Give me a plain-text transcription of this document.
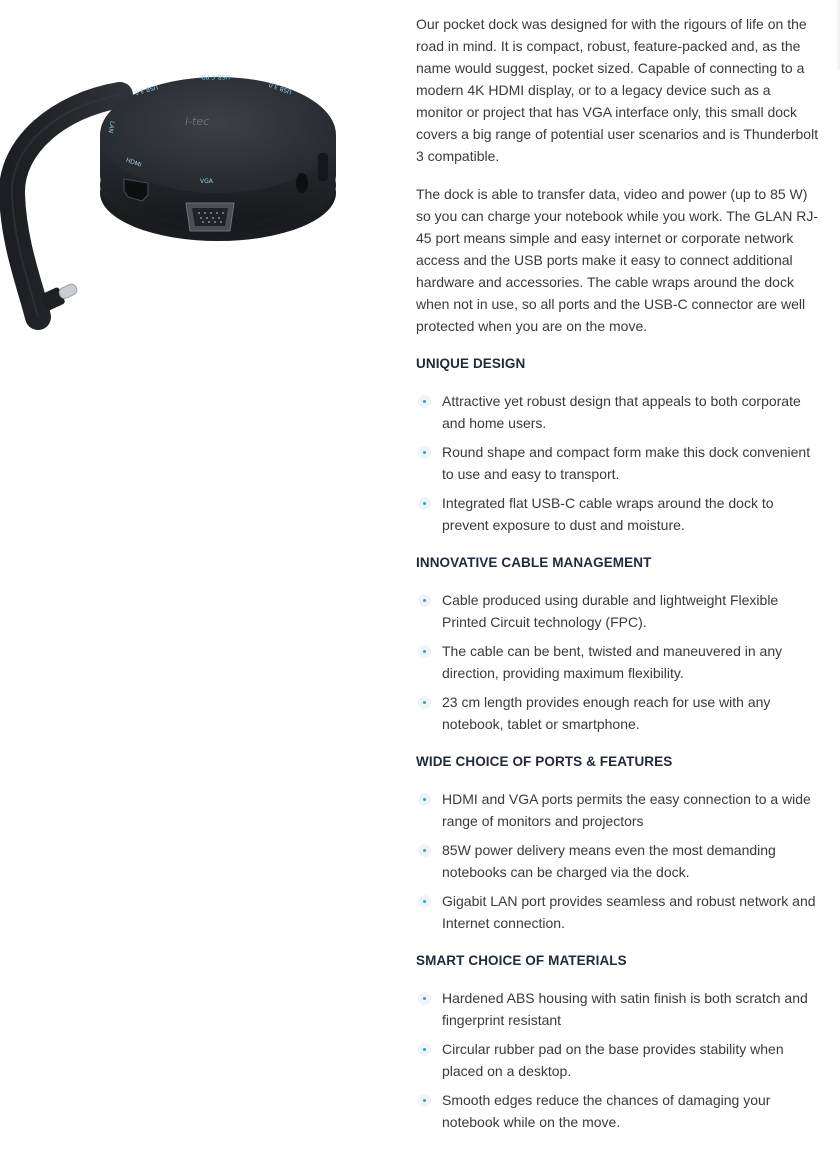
USB-C PD
USB 3.0	USB 3.0
LAN
HDMI
VGA
i-tec

Our pocket dock was designed for with the rigours of life on the road in mind. It is compact, robust, feature-packed and, as the name would suggest, pocket sized. Capable of connecting to a modern 4K HDMI display, or to a legacy device such as a monitor or project that has VGA interface only, this small dock covers a big range of potential user scenarios and is Thunderbolt 3 compatible.

The dock is able to transfer data, video and power (up to 85 W) so you can charge your notebook while you work. The GLAN RJ-45 port means simple and easy internet or corporate network access and the USB ports make it easy to connect additional hardware and accessories. The cable wraps around the dock when not in use, so all ports and the USB-C connector are well protected when you are on the move.

UNIQUE DESIGN
Attractive yet robust design that appeals to both corporate and home users.
Round shape and compact form make this dock convenient to use and easy to transport.
Integrated flat USB-C cable wraps around the dock to prevent exposure to dust and moisture.
INNOVATIVE CABLE MANAGEMENT
Cable produced using durable and lightweight Flexible Printed Circuit technology (FPC).
The cable can be bent, twisted and maneuvered in any direction, providing maximum flexibility.
23 cm length provides enough reach for use with any notebook, tablet or smartphone.
WIDE CHOICE OF PORTS & FEATURES
HDMI and VGA ports permits the easy connection to a wide range of monitors and projectors
85W power delivery means even the most demanding notebooks can be charged via the dock.
Gigabit LAN port provides seamless and robust network and Internet connection.
SMART CHOICE OF MATERIALS
Hardened ABS housing with satin finish is both scratch and fingerprint resistant
Circular rubber pad on the base provides stability when placed on a desktop.
Smooth edges reduce the chances of damaging your notebook while on the move.
